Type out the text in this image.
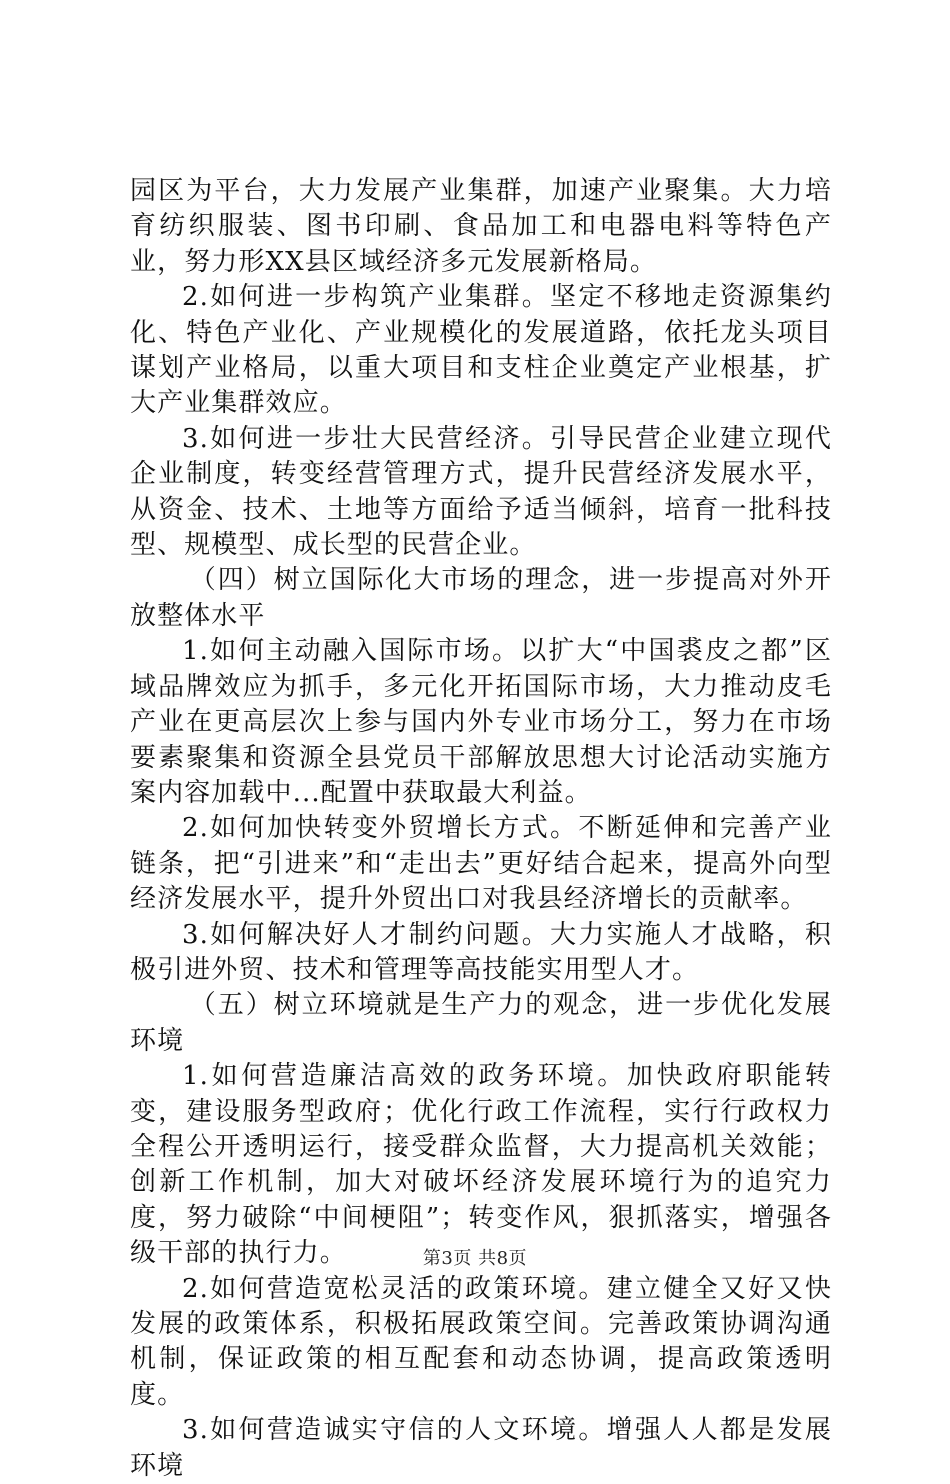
园区为平台，大力发展产业集群，加速产业聚集。大力培育纺织服装、图书印刷、食品加工和电器电料等特色产业，努力形XX县区域经济多元发展新格局。

2.如何进一步构筑产业集群。坚定不移地走资源集约化、特色产业化、产业规模化的发展道路，依托龙头项目谋划产业格局，以重大项目和支柱企业奠定产业根基，扩大产业集群效应。

3.如何进一步壮大民营经济。引导民营企业建立现代企业制度，转变经营管理方式，提升民营经济发展水平，从资金、技术、土地等方面给予适当倾斜，培育一批科技型、规模型、成长型的民营企业。

（四）树立国际化大市场的理念，进一步提高对外开放整体水平

1.如何主动融入国际市场。以扩大“中国裘皮之都”区域品牌效应为抓手，多元化开拓国际市场，大力推动皮毛产业在更高层次上参与国内外专业市场分工，努力在市场要素聚集和资源全县党员干部解放思想大讨论活动实施方案内容加载中...配置中获取最大利益。

2.如何加快转变外贸增长方式。不断延伸和完善产业链条，把“引进来”和“走出去”更好结合起来，提高外向型经济发展水平，提升外贸出口对我县经济增长的贡献率。

3.如何解决好人才制约问题。大力实施人才战略，积极引进外贸、技术和管理等高技能实用型人才。

（五）树立环境就是生产力的观念，进一步优化发展环境

1.如何营造廉洁高效的政务环境。加快政府职能转变，建设服务型政府；优化行政工作流程，实行行政权力全程公开透明运行，接受群众监督，大力提高机关效能；创新工作机制，加大对破坏经济发展环境行为的追究力度，努力破除“中间梗阻”；转变作风，狠抓落实，增强各级干部的执行力。

2.如何营造宽松灵活的政策环境。建立健全又好又快发展的政策体系，积极拓展政策空间。完善政策协调沟通机制，保证政策的相互配套和动态协调，提高政策透明度。

3.如何营造诚实守信的人文环境。增强人人都是发展环境

第3页 共8页
